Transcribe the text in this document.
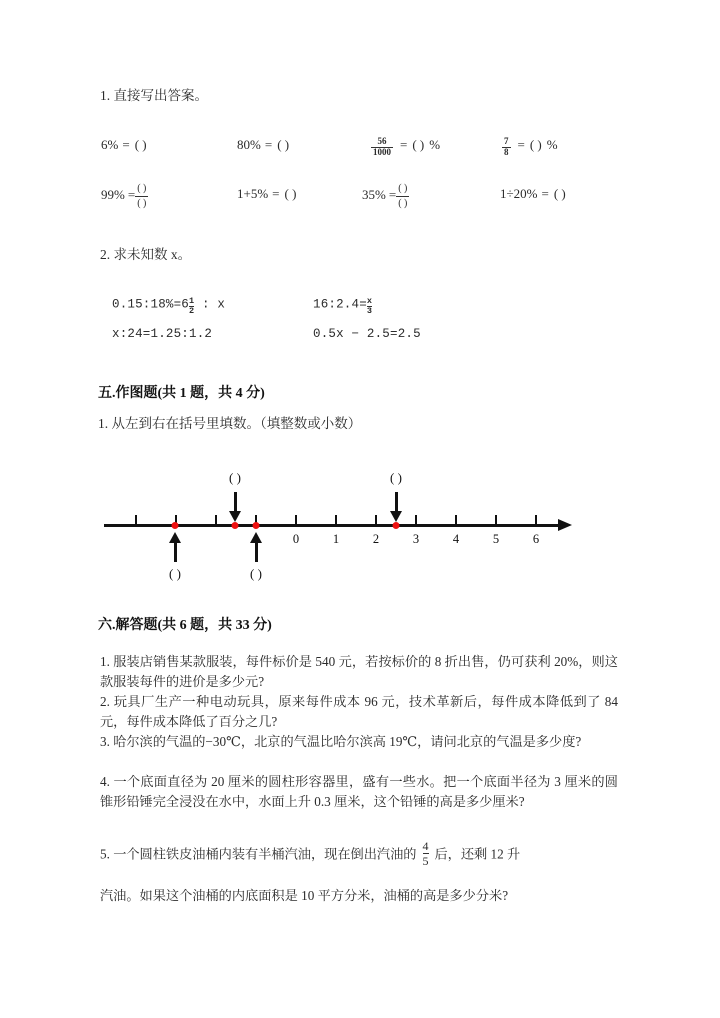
1. 直接写出答案。
6% = ( )	80% = ( )	$\frac{56}{1000}$ = ( ) %	$\frac{7}{8}$ = ( ) %
$99\% = \frac{( )}{( )}$	1+5% = ( )	$35\% = \frac{( )}{( )}$	1÷20% = ( )
2. 求未知数 x。
0.15:18%=6 $\frac{1}{2}$ : x	16:2.4= $\frac{x}{3}$
x:24=1.25:1.2	0.5x − 2.5=2.5
五.作图题(共 1 题，共 4 分)
1. 从左到右在括号里填数。（填整数或小数）
0	1	2	3	4	5	6
( )	( )
( )	( )
六.解答题(共 6 题，共 33 分)
1. 服装店销售某款服装，每件标价是 540 元，若按标价的 8 折出售，仍可获利 20%，则这款服装每件的进价是多少元?
2. 玩具厂生产一种电动玩具，原来每件成本 96 元，技术革新后，每件成本降低到了 84 元，每件成本降低了百分之几?
3. 哈尔滨的气温的−30℃，北京的气温比哈尔滨高 19℃，请问北京的气温是多少度?
4. 一个底面直径为 20 厘米的圆柱形容器里，盛有一些水。把一个底面半径为 3 厘米的圆锥形铅锤完全浸没在水中，水面上升 0.3 厘米，这个铅锤的高是多少厘米?
5. 一个圆柱铁皮油桶内装有半桶汽油，现在倒出汽油的 $\frac{4}{5}$ 后，还剩 12 升
汽油。如果这个油桶的内底面积是 10 平方分米，油桶的高是多少分米?
